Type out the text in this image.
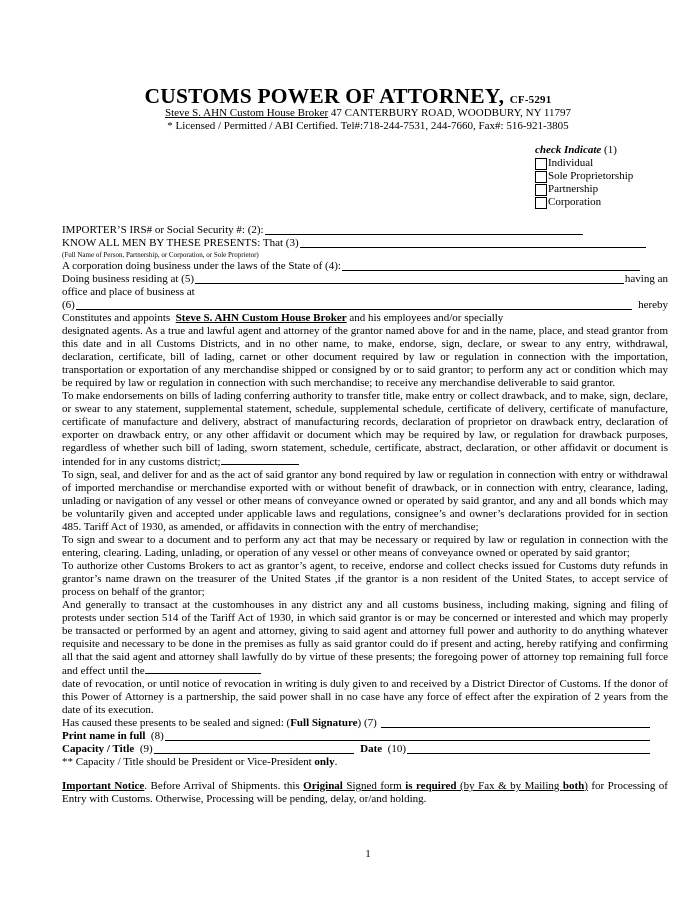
CUSTOMS POWER OF ATTORNEY, CF-5291
Steve S. AHN Custom House Broker 47 CANTERBURY ROAD, WOODBURY, NY 11797
* Licensed / Permitted / ABI Certified. Tel#:718-244-7531, 244-7660, Fax#: 516-921-3805
check Indicate (1)
Individual
Sole Proprietorship
Partnership
Corporation
IMPORTER’S IRS# or Social Security #: (2):
KNOW ALL MEN BY THESE PRESENTS: That (3)

(Full Name of Person, Partnership, or Corporation, or Sole Proprietor)

A corporation doing business under the laws of the State of (4):
Doing business residing at (5)	having an
office and place of business at
(6)	hereby
Constitutes and appoints Steve S. AHN Custom House Broker and his employees and/or specially

designated agents. As a true and lawful agent and attorney of the grantor named above for and in the name, place, and stead grantor from this date and in all Customs Districts, and in no other name, to make, endorse, sign, declare, or swear to any entry, withdrawal, declaration, certificate, bill of lading, carnet or other document required by law or regulation in connection with the importation, transportation or exportation of any merchandise shipped or consigned by or to said grantor; to perform any act or condition which may be required by law or regulation in connection with such merchandise; to receive any merchandise deliverable to said grantor.

To make endorsements on bills of lading conferring authority to transfer title, make entry or collect drawback, and to make, sign, declare, or swear to any statement, supplemental statement, schedule, supplemental schedule, certificate of delivery, certificate of manufacture, certificate of manufacture and delivery, abstract of manufacturing records, declaration of proprietor on drawback entry, declaration of exporter on drawback entry, or any other affidavit or document which may be required by law, or regulation for drawback purposes, regardless of whether such bill of lading, sworn statement, schedule, certificate, abstract, declaration, or other affidavit or document is intended for in any customs district;

To sign, seal, and deliver for and as the act of said grantor any bond required by law or regulation in connection with entry or withdrawal of imported merchandise or merchandise exported with or without benefit of drawback, or in connection with entry, clearance, lading, unlading or navigation of any vessel or other means of conveyance owned or operated by said grantor, and any and all bonds which may be voluntarily given and accepted under applicable laws and regulations, consignee’s and owner’s declarations provided for in section 485. Tariff Act of 1930, as amended, or affidavits in connection with the entry of merchandise;

To sign and swear to a document and to perform any act that may be necessary or required by law or regulation in connection with the entering, clearing. Lading, unlading, or operation of any vessel or other means of conveyance owned or operated by said grantor;

To authorize other Customs Brokers to act as grantor’s agent, to receive, endorse and collect checks issued for Customs duty refunds in grantor’s name drawn on the treasurer of the United States ,if the grantor is a non resident of the United States, to accept service of process on behalf of the grantor;

And generally to transact at the customhouses in any district any and all customs business, including making, signing and filing of protests under section 514 of the Tariff Act of 1930, in which said grantor is or may be concerned or interested and which may properly be transacted or performed by an agent and attorney, giving to said agent and attorney full power and authority to do anything whatever requisite and necessary to be done in the premises as fully as said grantor could do if present and acting, hereby ratifying and confirming all that the said agent and attorney shall lawfully do by virtue of these presents; the foregoing power of attorney top remaining full force and effect until the

date of revocation, or until notice of revocation in writing is duly given to and received by a District Director of Customs. If the donor of this Power of Attorney is a partnership, the said power shall in no case have any force of effect after the expiration of 2 years from the date of its execution.

Has caused these presents to be sealed and signed: ( Full Signature ) (7)
Print name in full
(8)
Capacity / Title
(9)
	Date
(10)
** Capacity / Title should be President or Vice-President only.

Important Notice. Before Arrival of Shipments. this Original Signed form is required (by Fax & by Mailing both) for Processing of Entry with Customs. Otherwise, Processing will be pending, delay, or/and holding.

1
